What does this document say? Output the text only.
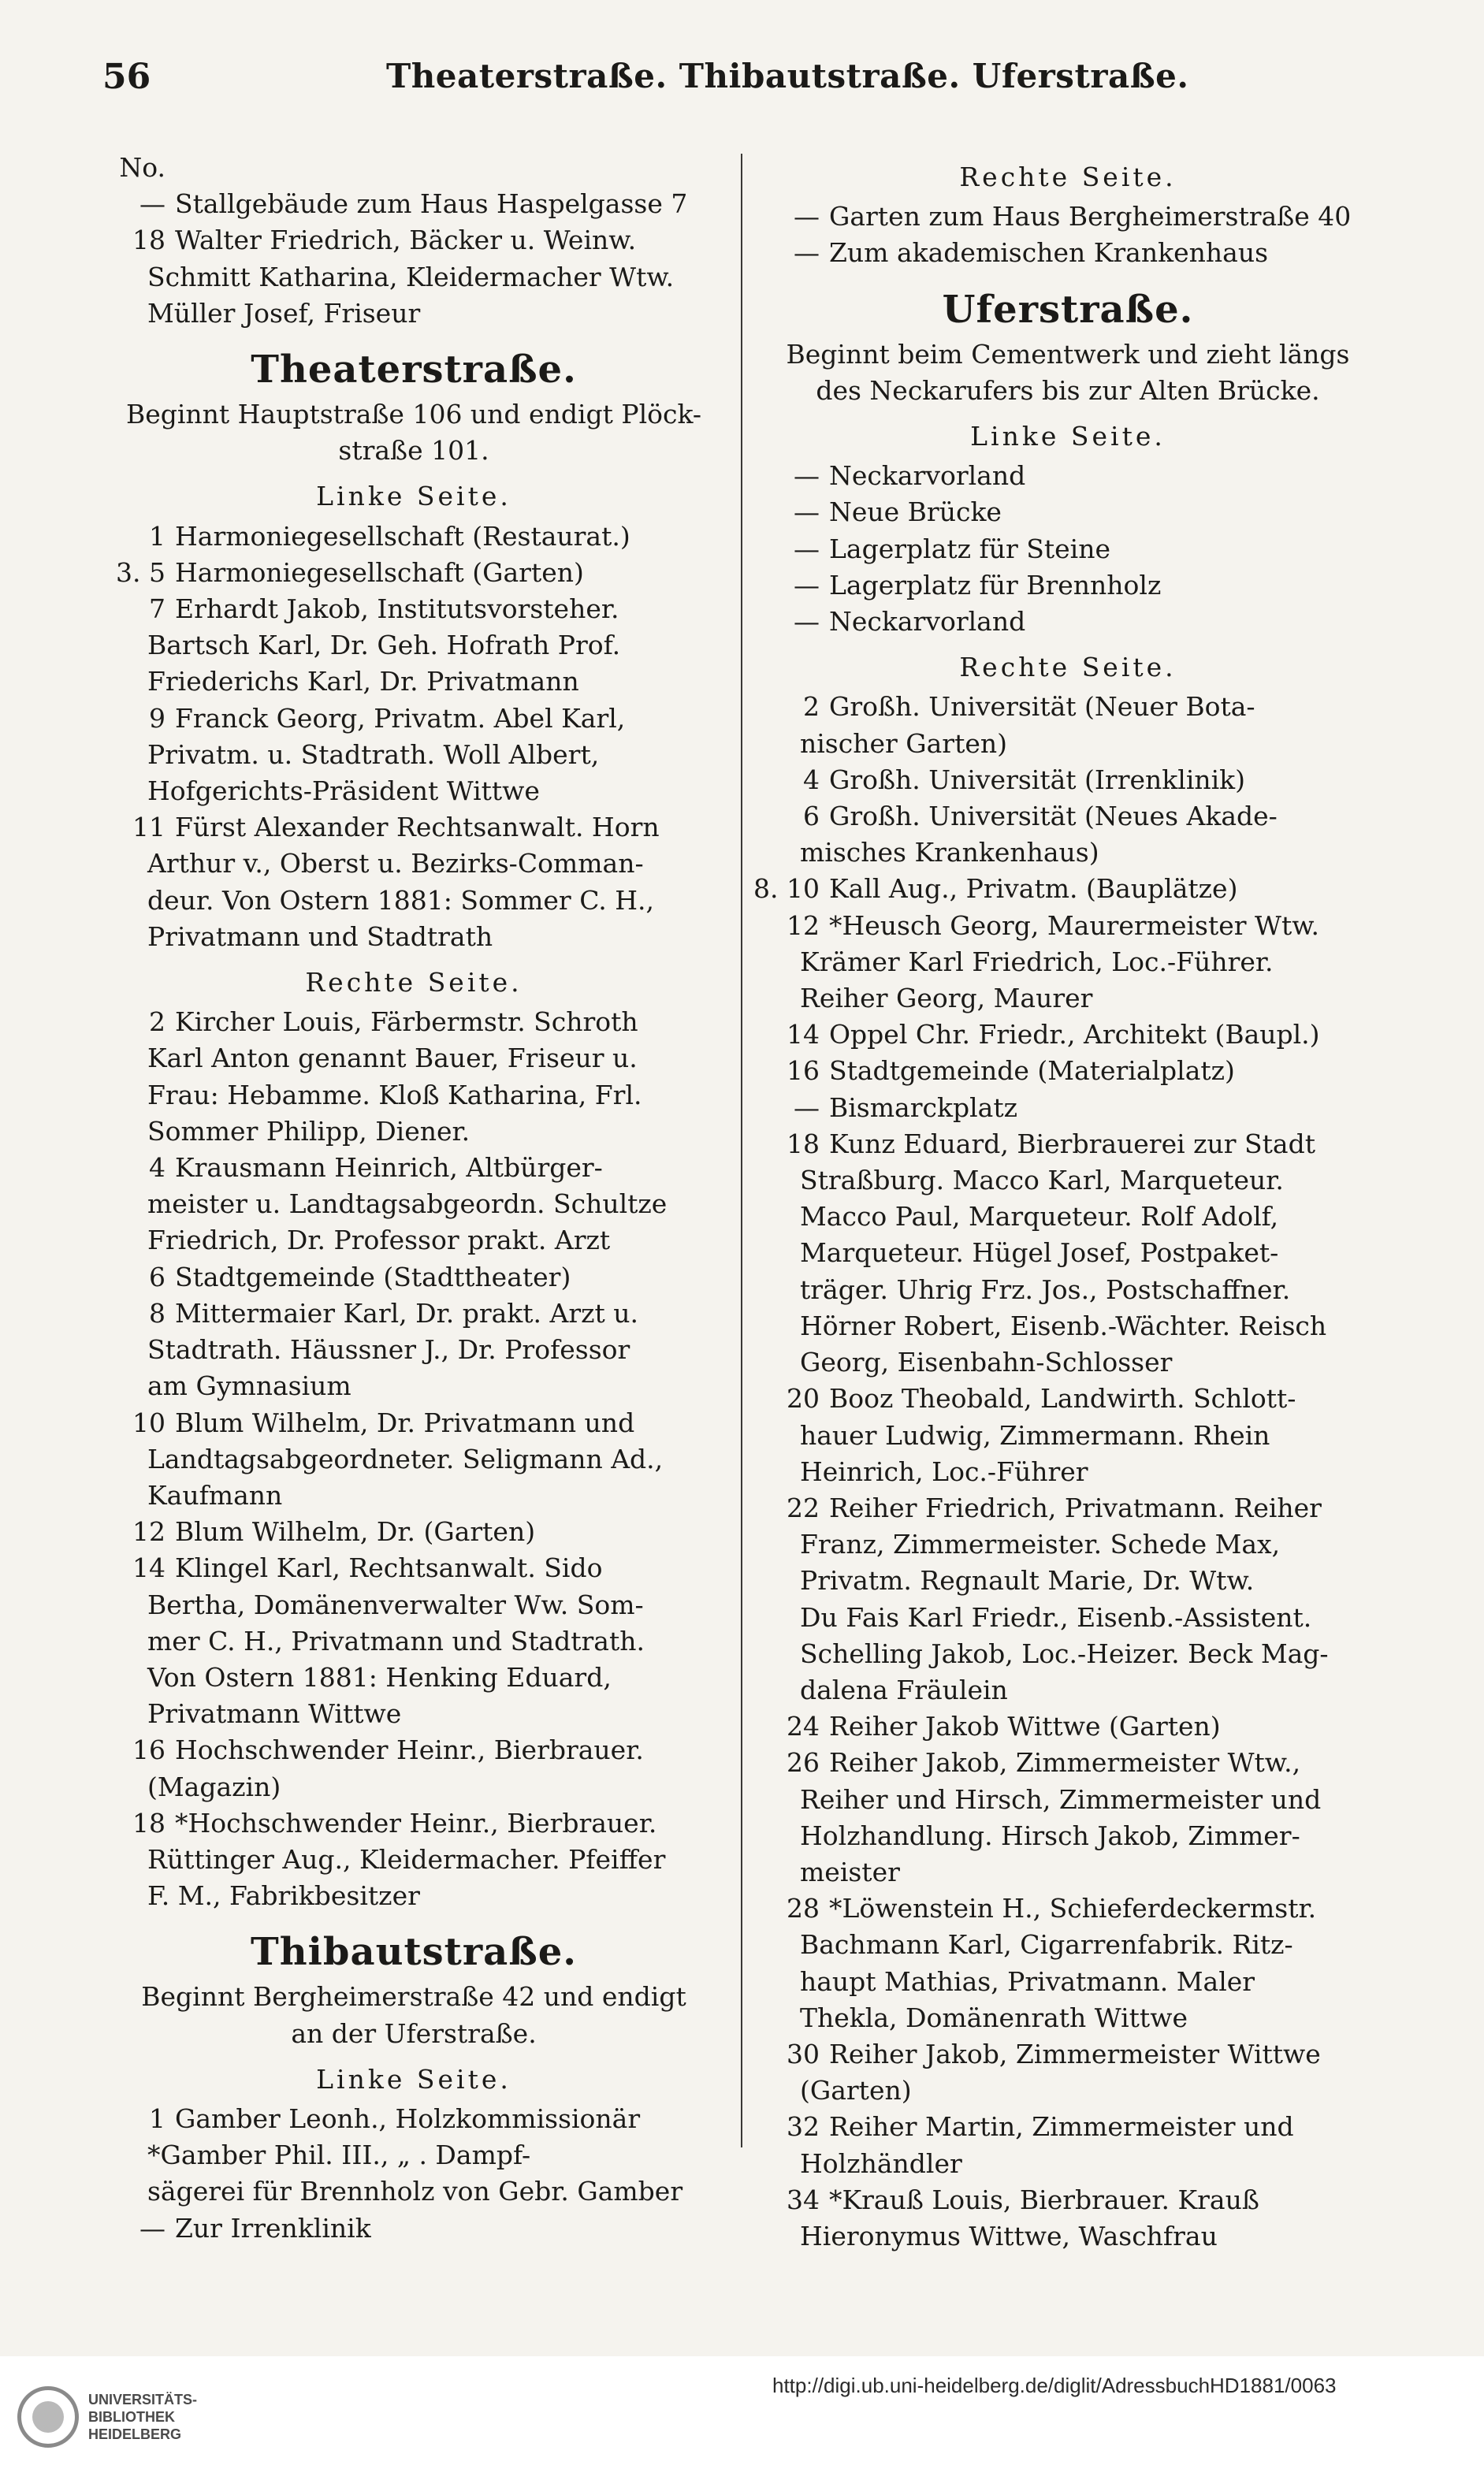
56	Theaterstraße. Thibautstraße. Uferstraße.
No.
— Stallgebäude zum Haus Haspelgasse 7
18 Walter Friedrich, Bäcker u. Weinw.
Schmitt Katharina, Kleidermacher Wtw.
Müller Josef, Friseur
Theaterstraße.
Beginnt Hauptstraße 106 und endigt Plöck-
straße 101.
Linke Seite.
1 Harmoniegesellschaft (Restaurat.)
3. 5 Harmoniegesellschaft (Garten)
7 Erhardt Jakob, Institutsvorsteher.
Bartsch Karl, Dr. Geh. Hofrath Prof.
Friederichs Karl, Dr. Privatmann
9 Franck Georg, Privatm. Abel Karl,
Privatm. u. Stadtrath. Woll Albert,
Hofgerichts-Präsident Wittwe
11 Fürst Alexander Rechtsanwalt. Horn
Arthur v., Oberst u. Bezirks-Comman-
deur. Von Ostern 1881: Sommer C. H.,
Privatmann und Stadtrath
Rechte Seite.
2 Kircher Louis, Färbermstr. Schroth
Karl Anton genannt Bauer, Friseur u.
Frau: Hebamme. Kloß Katharina, Frl.
Sommer Philipp, Diener.
4 Krausmann Heinrich, Altbürger-
meister u. Landtagsabgeordn. Schultze
Friedrich, Dr. Professor prakt. Arzt
6 Stadtgemeinde (Stadttheater)
8 Mittermaier Karl, Dr. prakt. Arzt u.
Stadtrath. Häussner J., Dr. Professor
am Gymnasium
10 Blum Wilhelm, Dr. Privatmann und
Landtagsabgeordneter. Seligmann Ad.,
Kaufmann
12 Blum Wilhelm, Dr. (Garten)
14 Klingel Karl, Rechtsanwalt. Sido
Bertha, Domänenverwalter Ww. Som-
mer C. H., Privatmann und Stadtrath.
Von Ostern 1881: Henking Eduard,
Privatmann Wittwe
16 Hochschwender Heinr., Bierbrauer.
(Magazin)
18 *Hochschwender Heinr., Bierbrauer.
Rüttinger Aug., Kleidermacher. Pfeiffer
F. M., Fabrikbesitzer
Thibautstraße.
Beginnt Bergheimerstraße 42 und endigt
an der Uferstraße.
Linke Seite.
1 Gamber Leonh., Holzkommissionär
*Gamber Phil. III., „ . Dampf-
sägerei für Brennholz von Gebr. Gamber
— Zur Irrenklinik
Rechte Seite.
— Garten zum Haus Bergheimerstraße 40
— Zum akademischen Krankenhaus
Uferstraße.
Beginnt beim Cementwerk und zieht längs
des Neckarufers bis zur Alten Brücke.
Linke Seite.
— Neckarvorland
— Neue Brücke
— Lagerplatz für Steine
— Lagerplatz für Brennholz
— Neckarvorland
Rechte Seite.
2 Großh. Universität (Neuer Bota-
nischer Garten)
4 Großh. Universität (Irrenklinik)
6 Großh. Universität (Neues Akade-
misches Krankenhaus)
8. 10 Kall Aug., Privatm. (Bauplätze)
12 *Heusch Georg, Maurermeister Wtw.
Krämer Karl Friedrich, Loc.-Führer.
Reiher Georg, Maurer
14 Oppel Chr. Friedr., Architekt (Baupl.)
16 Stadtgemeinde (Materialplatz)
— Bismarckplatz
18 Kunz Eduard, Bierbrauerei zur Stadt
Straßburg. Macco Karl, Marqueteur.
Macco Paul, Marqueteur. Rolf Adolf,
Marqueteur. Hügel Josef, Postpaket-
träger. Uhrig Frz. Jos., Postschaffner.
Hörner Robert, Eisenb.-Wächter. Reisch
Georg, Eisenbahn-Schlosser
20 Booz Theobald, Landwirth. Schlott-
hauer Ludwig, Zimmermann. Rhein
Heinrich, Loc.-Führer
22 Reiher Friedrich, Privatmann. Reiher
Franz, Zimmermeister. Schede Max,
Privatm. Regnault Marie, Dr. Wtw.
Du Fais Karl Friedr., Eisenb.-Assistent.
Schelling Jakob, Loc.-Heizer. Beck Mag-
dalena Fräulein
24 Reiher Jakob Wittwe (Garten)
26 Reiher Jakob, Zimmermeister Wtw.,
Reiher und Hirsch, Zimmermeister und
Holzhandlung. Hirsch Jakob, Zimmer-
meister
28 *Löwenstein H., Schieferdeckermstr.
Bachmann Karl, Cigarrenfabrik. Ritz-
haupt Mathias, Privatmann. Maler
Thekla, Domänenrath Wittwe
30 Reiher Jakob, Zimmermeister Wittwe
(Garten)
32 Reiher Martin, Zimmermeister und
Holzhändler
34 *Krauß Louis, Bierbrauer. Krauß
Hieronymus Wittwe, Waschfrau
UNIVERSITÄTS-
BIBLIOTHEK
HEIDELBERG
http://digi.ub.uni-heidelberg.de/diglit/AdressbuchHD1881/0063
